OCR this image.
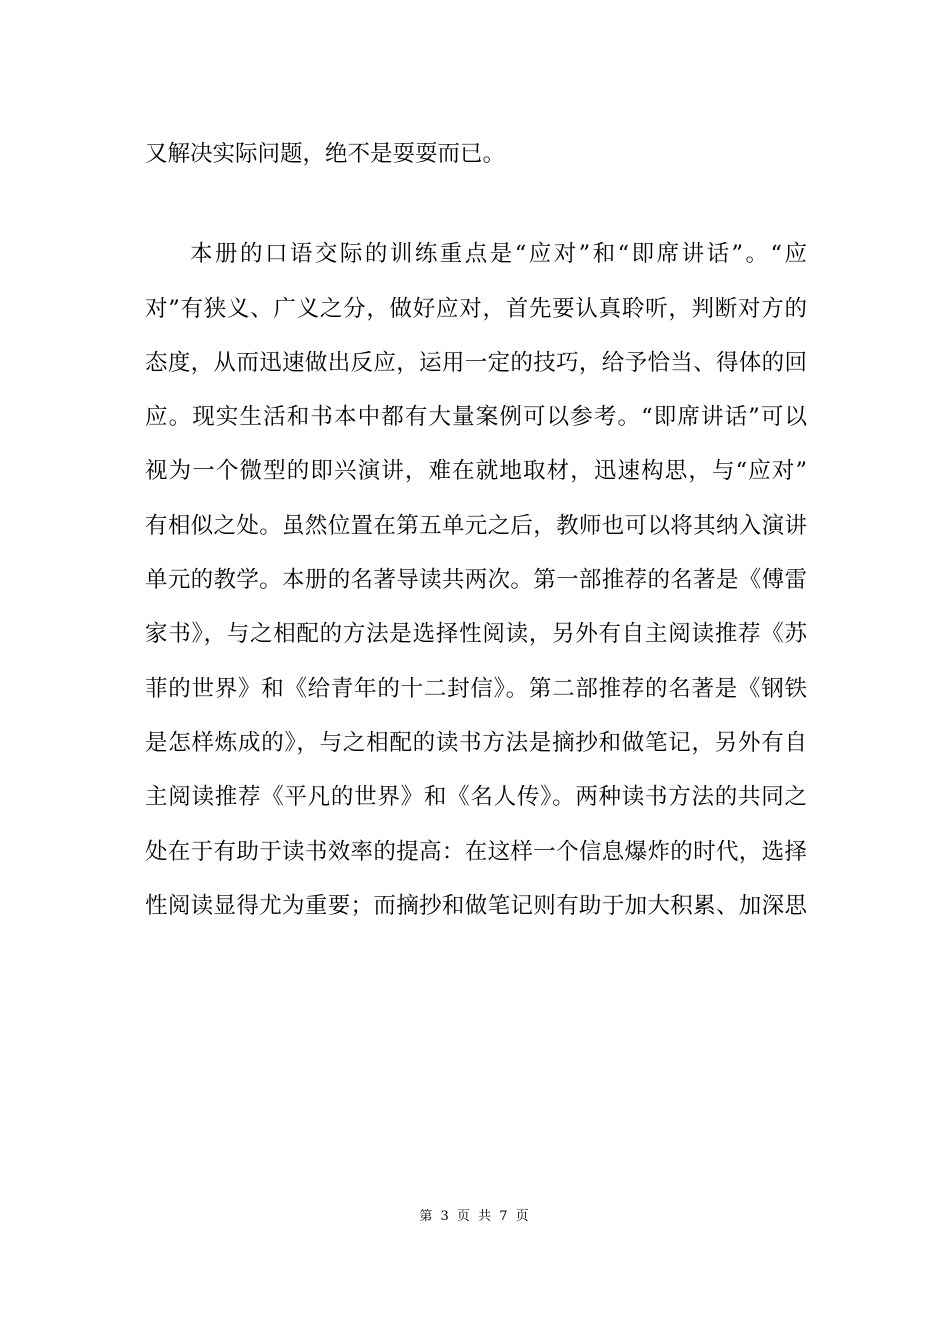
又解决实际问题，绝不是耍耍而已。
本册的口语交际的训练重点是“应对”和“即席讲话”。“应
对”有狭义、广义之分，做好应对，首先要认真聆听，判断对方的
态度，从而迅速做出反应，运用一定的技巧，给予恰当、得体的回
应。现实生活和书本中都有大量案例可以参考。“即席讲话”可以
视为一个微型的即兴演讲，难在就地取材，迅速构思，与“应对”
有相似之处。虽然位置在第五单元之后，教师也可以将其纳入演讲
单元的教学。本册的名著导读共两次。第一部推荐的名著是《傅雷
家书》，与之相配的方法是选择性阅读，另外有自主阅读推荐《苏
菲的世界》和《给青年的十二封信》。第二部推荐的名著是《钢铁
是怎样炼成的》，与之相配的读书方法是摘抄和做笔记，另外有自
主阅读推荐《平凡的世界》和《名人传》。两种读书方法的共同之
处在于有助于读书效率的提高：在这样一个信息爆炸的时代，选择
性阅读显得尤为重要；而摘抄和做笔记则有助于加大积累、加深思
第 3 页 共 7 页
